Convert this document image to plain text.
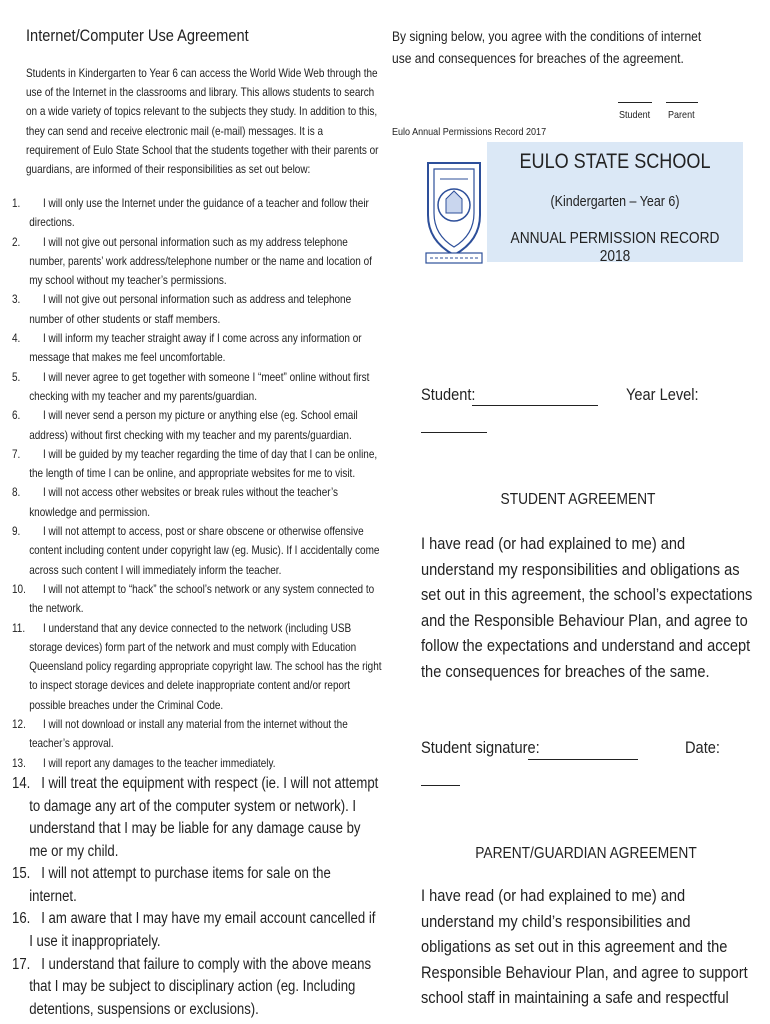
Internet/Computer Use Agreement
Students in Kindergarten to Year 6 can access the World Wide Web through the use of the Internet in the classrooms and library. This allows students to search on a wide variety of topics relevant to the subjects they study. In addition to this, they can send and receive electronic mail (e-mail) messages. It is a requirement of Eulo State School that the students together with their parents or guardians, are informed of their responsibilities as set out below:
1.	I will only use the Internet under the guidance of a teacher and follow their directions.
2.	I will not give out personal information such as my address telephone number, parents’ work address/telephone number or the name and location of my school without my teacher’s permissions.
3.	I will not give out personal information such as address and telephone number of other students or staff members.
4.	I will inform my teacher straight away if I come across any information or message that makes me feel uncomfortable.
5.	I will never agree to get together with someone I “meet” online without first checking with my teacher and my parents/guardian.
6.	I will never send a person my picture or anything else (eg. School email address) without first checking with my teacher and my parents/guardian.
7.	I will be guided by my teacher regarding the time of day that I can be online, the length of time I can be online, and appropriate websites for me to visit.
8.	I will not access other websites or break rules without the teacher’s knowledge and permission.
9.	I will not attempt to access, post or share obscene or otherwise offensive content including content under copyright law (eg. Music). If I accidentally come across such content I will immediately inform the teacher.
10.	I will not attempt to “hack” the school’s network or any system connected to the network.
11.	I understand that any device connected to the network (including USB storage devices) form part of the network and must comply with Education Queensland policy regarding appropriate copyright law. The school has the right to inspect storage devices and delete inappropriate content and/or report possible breaches under the Criminal Code.
12.	I will not download or install any material from the internet without the teacher’s approval.
13.	I will report any damages to the teacher immediately.
14. I will treat the equipment with respect (ie. I will not attempt to damage any art of the computer system or network). I understand that I may be liable for any damage cause by me or my child.
15. I will not attempt to purchase items for sale on the internet.
16. I am aware that I may have my email account cancelled if I use it inappropriately.
17. I understand that failure to comply with the above means that I may be subject to disciplinary action (eg. Including detentions, suspensions or exclusions).
By signing below, you agree with the conditions of internet use and consequences for breaches of the agreement.
Student Parent
Eulo Annual Permissions Record 2017
EULO STATE SCHOOL
(Kindergarten – Year 6)
ANNUAL PERMISSION RECORD 2018
Student:	Year Level:
STUDENT AGREEMENT
I have read (or had explained to me) and understand my responsibilities and obligations as set out in this agreement, the school’s expectations and the Responsible Behaviour Plan, and agree to follow the expectations and understand and accept the consequences for breaches of the same.
Student signature:	Date:
PARENT/GUARDIAN AGREEMENT
I have read (or had explained to me) and understand my child’s responsibilities and obligations as set out in this agreement and the Responsible Behaviour Plan, and agree to support school staff in maintaining a safe and respectful
